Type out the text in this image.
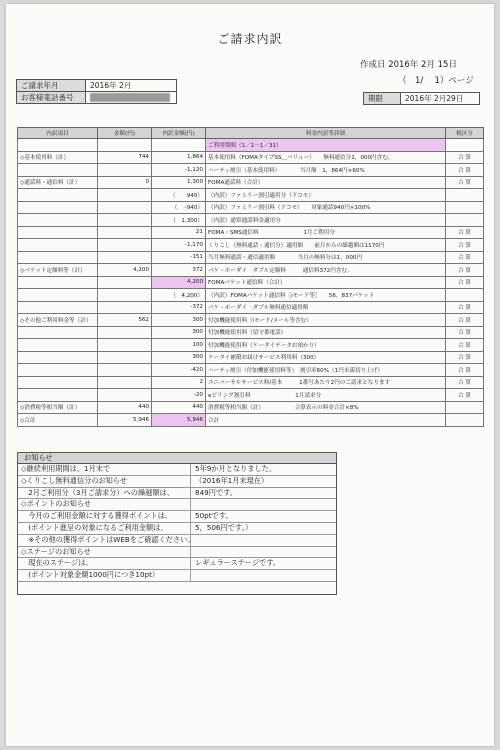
ご請求内訳
作成日 2016年 2月 15日
（　1/　 1）ページ
ご請求年月	2016年 2月
お客様電話番号		期限	2016年 2月29日
内訳項目	金額(円)	内訳金額(円)	料金内訳等詳細	税区分
			ご利用期間（1／1～1／31）	
◇基本使用料（計）	744	1,864	基本使用料（FOMAタイプSS＿バリュー）　　無料通信分1，000円含む。	合 算
		-1,120	ハーティ割引（基本使用料）　　　　当月額　1，864円×60%	合 算
◇通話料・通信料（計）	0	1,300	FOMA通話料（合計）	合 算
		（　　940）	（内訳）ファミリー割引適用分（ドコモ）	
		（　 -940）	（内訳）ファミリー割引料（ドコモ）　　対象通話940円×100%	
		（　1,300）	（内訳）通常通話料金適用分	
		21	FOMA・SMS通信料　　　　　　　　1月ご利用分	合 算
		-1,170	くりこし（無料通話・通信分）適用額　　前月からの繰越額は1170円	合 算
		-151	当月無料通話・通信適用額　　　　当月の無料分は1，000円	合 算
◇パケット定額料等（計）	4,200	372	パケ・ホーダイ　ダブル定額料　　　通信料372円含む。	合 算
		4,200	FOMAパケット通信料（合計）	合 算
		（　4,200）	（内訳）FOMAパケット通信料［iモード等］　　56，837パケット	
		-372	パケ・ホーダイ　ダブル無料通信適用額	合 算
◇その他ご利用料金等（計）	562	300	付加機能使用料（iモード/メール等含む）	合 算
		300	付加機能使用料（留守番電話）	合 算
		100	付加機能使用料（ケータイデータお預かり）	合 算
		300	ケータイ補償お届けサービス利用料（300）	合 算
		-420	ハーティ割引（付加機能使用料等）　割引率60%（1円未満切り上げ）	合 算
		2	ユニバーサルサービス料/基本　　　1番号あたり2円のご請求となります	合 算
		-20	eビリング割引料　　　　　　　　1月請求分	合 算
◇消費税等相当額（計）	440	440	消費税等相当額（計）　　　　　　合算表示の料金合計×8%	
◇合計	5,946	5,946	合計	
お知らせ
◇継続利用期間は、1月末で	5年9か月となりました。
◇くりこし無料通信分のお知らせ	（2016年1月末現在）
　2月ご利用分（3月ご請求分）への繰越額は、	849円です。
◇ポイントのお知らせ
　今月のご利用金額に対する獲得ポイントは、	50ptです。
　(ポイント進呈の対象になるご利用金額は、	5，506円です。）
　※その他の獲得ポイントはWEBをご確認ください。
◇ステージのお知らせ
　現在のステージは、	レギュラーステージです。
　(ポイント対象金額1000円につき10pt）
